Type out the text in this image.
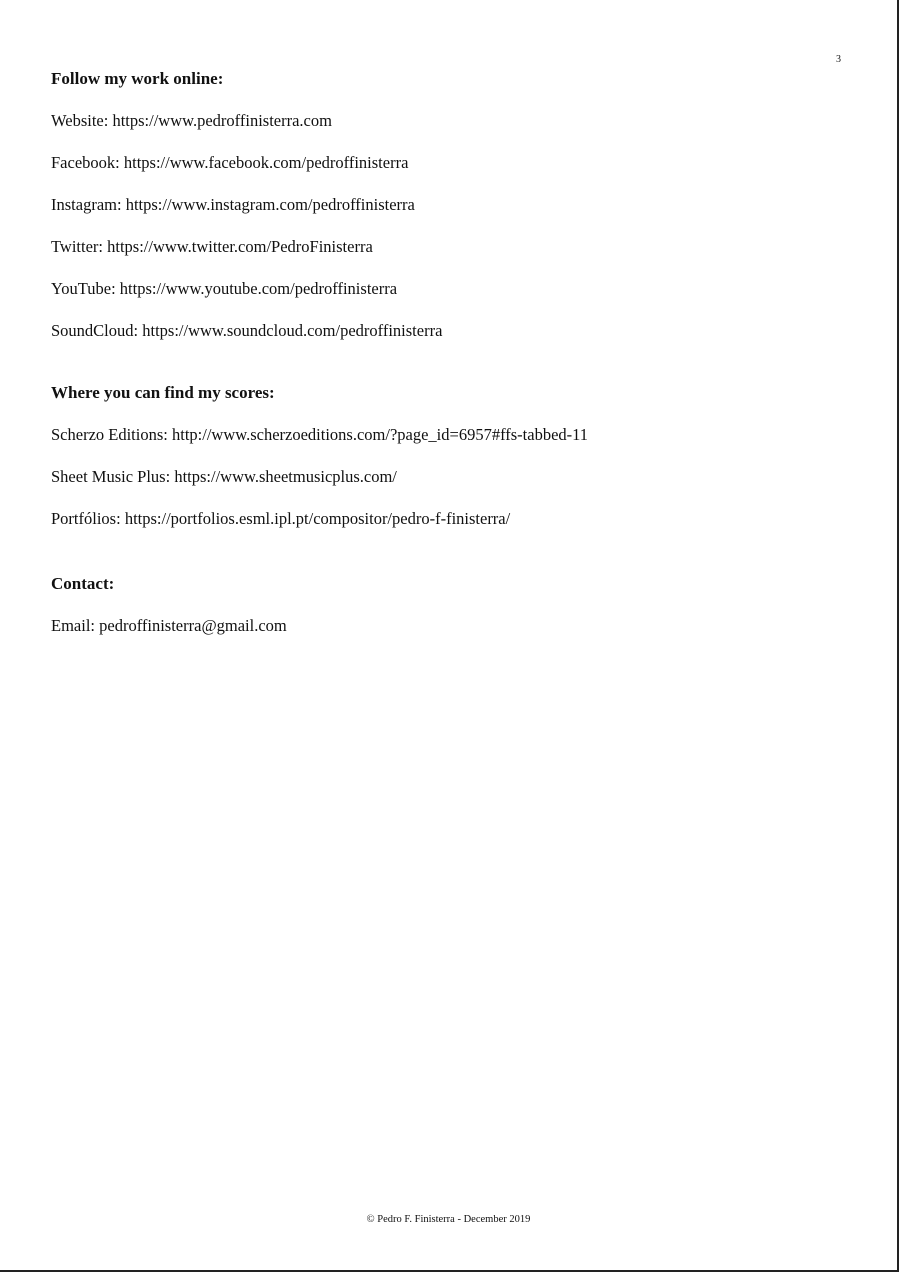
3
Follow my work online:
Website: https://www.pedroffinisterra.com
Facebook: https://www.facebook.com/pedroffinisterra
Instagram: https://www.instagram.com/pedroffinisterra
Twitter: https://www.twitter.com/PedroFinisterra
YouTube: https://www.youtube.com/pedroffinisterra
SoundCloud: https://www.soundcloud.com/pedroffinisterra
Where you can find my scores:
Scherzo Editions: http://www.scherzoeditions.com/?page_id=6957#ffs-tabbed-11
Sheet Music Plus: https://www.sheetmusicplus.com/
Portfólios: https://portfolios.esml.ipl.pt/compositor/pedro-f-finisterra/
Contact:
Email: pedroffinisterra@gmail.com
© Pedro F. Finisterra - December 2019
